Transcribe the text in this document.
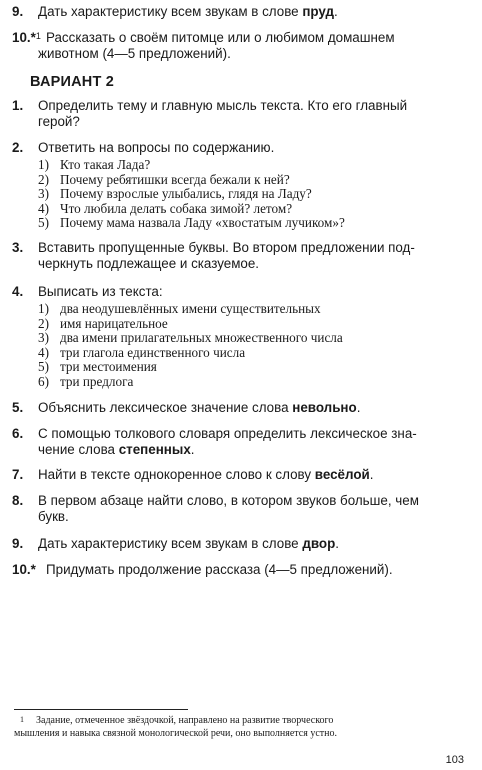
9.	Дать характеристику всем звукам в слове пруд.
10.*$^1$ Рассказать о своём питомце или о любимом домашнем
животном (4—5 предложений).
ВАРИАНТ 2
1.	Определить тему и главную мысль текста. Кто его главный
герой?
2.	Ответить на вопросы по содержанию.
1) Кто такая Лада?
2) Почему ребятишки всегда бежали к ней?
3) Почему взрослые улыбались, глядя на Ладу?
4) Что любила делать собака зимой? летом?
5) Почему мама назвала Ладу «хвостатым лучиком»?
3.	Вставить пропущенные буквы. Во втором предложении под-
черкнуть подлежащее и сказуемое.
4.	Выписать из текста:
1) два неодушевлённых имени существительных
2) имя нарицательное
3) два имени прилагательных множественного числа
4) три глагола единственного числа
5) три местоимения
6) три предлога
5.	Объяснить лексическое значение слова невольно.
6.	С помощью толкового словаря определить лексическое зна-
чение слова степенных.
7.	Найти в тексте однокоренное слово к слову весёлой.
8.	В первом абзаце найти слово, в котором звуков больше, чем
букв.
9.	Дать характеристику всем звукам в слове двор.
10.* Придумать продолжение рассказа (4—5 предложений).
1 Задание, отмеченное звёздочкой, направлено на развитие творческого
мышления и навыка связной монологической речи, оно выполняется устно.
103
